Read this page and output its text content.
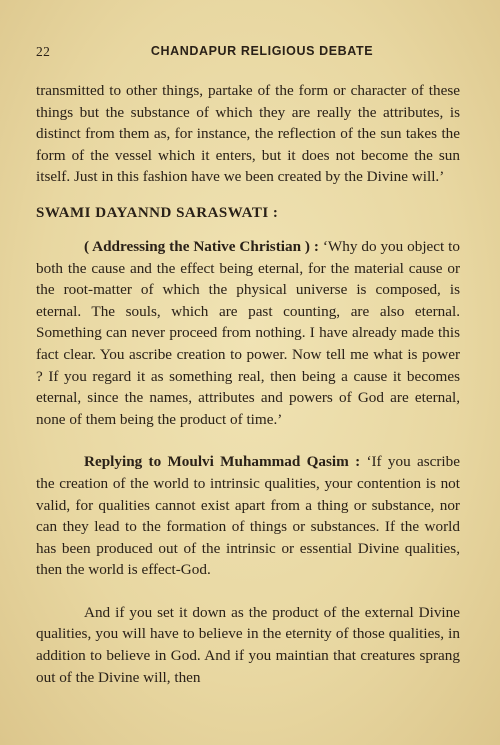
22	CHANDAPUR RELIGIOUS DEBATE

transmitted to other things, partake of the form or character of these things but the substance of which they are really the attributes, is distinct from them as, for instance, the reflection of the sun takes the form of the vessel which it enters, but it does not become the sun itself. Just in this fashion have we been created by the Divine will.’

SWAMI DAYANND SARASWATI :

( Addressing the Native Christian ) : ‘Why do you object to both the cause and the effect being eternal, for the material cause or the root-matter of which the physical universe is composed, is eternal. The souls, which are past counting, are also eternal. Something can never proceed from nothing. I have already made this fact clear. You ascribe creation to power. Now tell me what is power ? If you regard it as something real, then being a cause it becomes eternal, since the names, attributes and powers of God are eternal, none of them being the product of time.’

Replying to Moulvi Muhammad Qasim : ‘If you ascribe the creation of the world to intrinsic qualities, your contention is not valid, for qualities cannot exist apart from a thing or substance, nor can they lead to the formation of things or substances. If the world has been produced out of the intrinsic or essential Divine qualities, then the world is effect-God.

And if you set it down as the product of the external Divine qualities, you will have to believe in the eternity of those qualities, in addition to believe in God. And if you maintian that creatures sprang out of the Divine will, then
